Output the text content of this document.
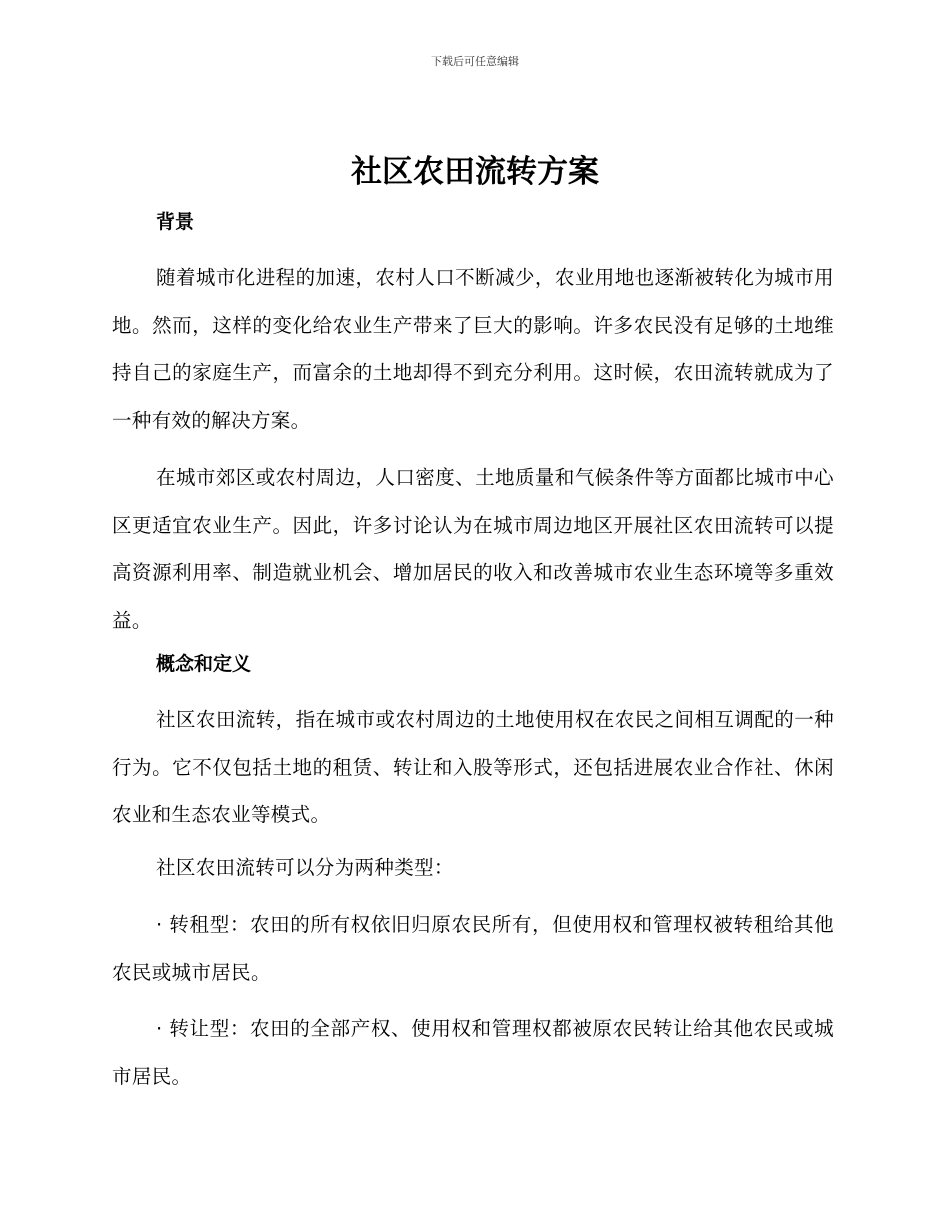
下载后可任意编辑
社区农田流转方案
背景

随着城市化进程的加速，农村人口不断减少，农业用地也逐渐被转化为城市用地。然而，这样的变化给农业生产带来了巨大的影响。许多农民没有足够的土地维持自己的家庭生产，而富余的土地却得不到充分利用。这时候，农田流转就成为了一种有效的解决方案。

在城市郊区或农村周边，人口密度、土地质量和气候条件等方面都比城市中心区更适宜农业生产。因此，许多讨论认为在城市周边地区开展社区农田流转可以提高资源利用率、制造就业机会、增加居民的收入和改善城市农业生态环境等多重效益。

概念和定义

社区农田流转，指在城市或农村周边的土地使用权在农民之间相互调配的一种行为。它不仅包括土地的租赁、转让和入股等形式，还包括进展农业合作社、休闲农业和生态农业等模式。

社区农田流转可以分为两种类型：

· 转租型：农田的所有权依旧归原农民所有，但使用权和管理权被转租给其他农民或城市居民。

· 转让型：农田的全部产权、使用权和管理权都被原农民转让给其他农民或城市居民。
